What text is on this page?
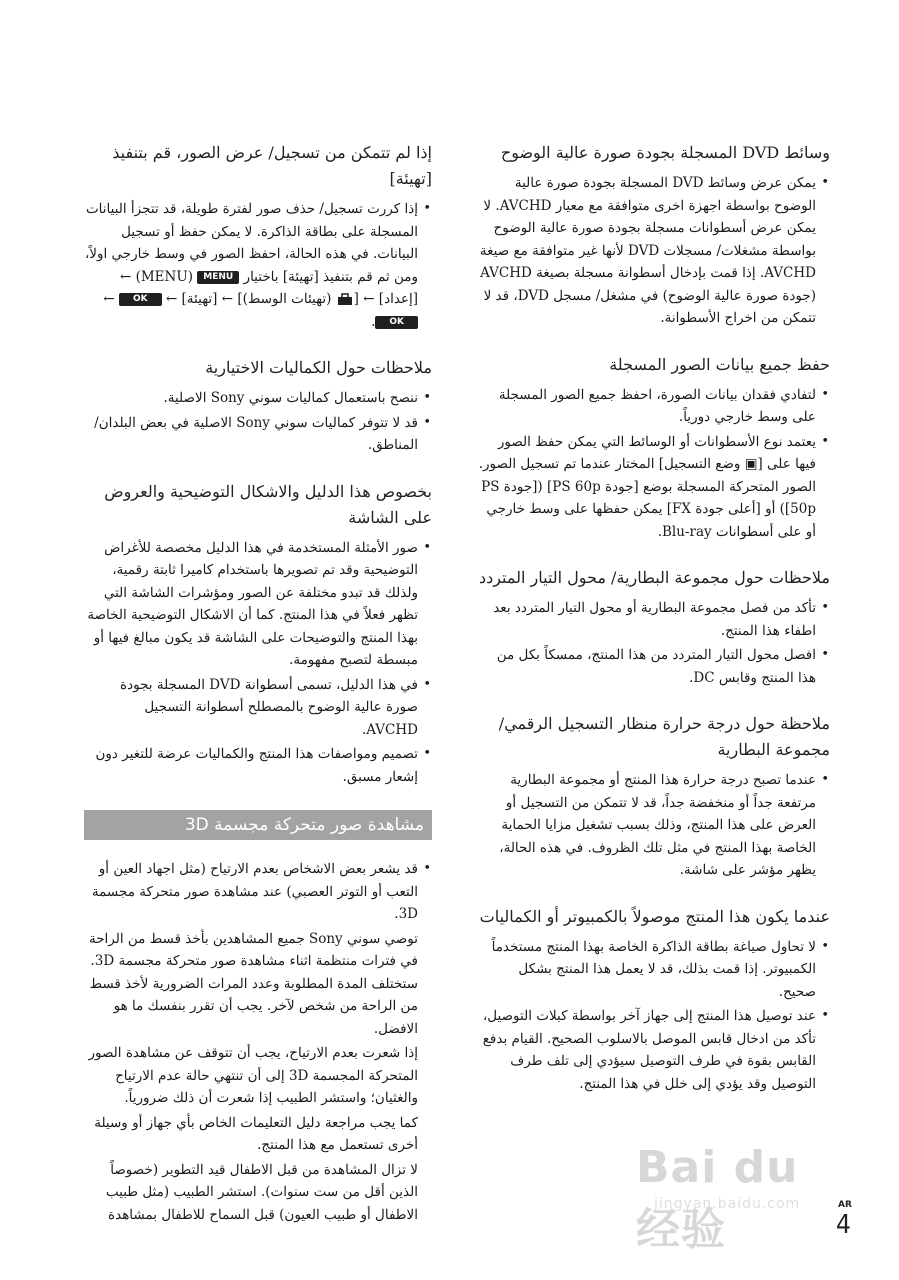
وسائط DVD المسجلة بجودة صورة عالية الوضوح
• يمكن عرض وسائط DVD المسجلة بجودة صورة عالية الوضوح بواسطة اجهزة اخرى متوافقة مع معيار AVCHD. لا يمكن عرض أسطوانات مسجلة بجودة صورة عالية الوضوح بواسطة مشغلات/ مسجلات DVD لأنها غير متوافقة مع صيغة AVCHD. إذا قمت بإدخال أسطوانة مسجلة بصيغة AVCHD (جودة صورة عالية الوضوح) في مشغل/ مسجل DVD، قد لا تتمكن من اخراج الأسطوانة.
حفظ جميع بيانات الصور المسجلة
• لتفادي فقدان بيانات الصورة، احفظ جميع الصور المسجلة على وسط خارجي دورياً.
• يعتمد نوع الأسطوانات أو الوسائط التي يمكن حفظ الصور فيها على [▣ وضع التسجيل] المختار عندما تم تسجيل الصور. الصور المتحركة المسجلة بوضع [جودة PS 60p] ([جودة PS 50p]) أو [أعلى جودة FX] يمكن حفظها على وسط خارجي أو على أسطوانات Blu-ray.
ملاحظات حول مجموعة البطارية/ محول التيار المتردد
• تأكد من فصل مجموعة البطارية أو محول التيار المتردد بعد اطفاء هذا المنتج.
• افصل محول التيار المتردد من هذا المنتج، ممسكاً بكل من هذا المنتج وقابس DC.
ملاحظة حول درجة حرارة منظار التسجيل الرقمي/ مجموعة البطارية
• عندما تصبح درجة حرارة هذا المنتج أو مجموعة البطارية مرتفعة جداً أو منخفضة جداً، قد لا تتمكن من التسجيل أو العرض على هذا المنتج، وذلك بسبب تشغيل مزايا الحماية الخاصة بهذا المنتج في مثل تلك الظروف. في هذه الحالة، يظهر مؤشر على شاشة.
عندما يكون هذا المنتج موصولاً بالكمبيوتر أو الكماليات
• لا تحاول صياغة بطاقة الذاكرة الخاصة بهذا المنتج مستخدماً الكمبيوتر. إذا قمت بذلك، قد لا يعمل هذا المنتج بشكل صحيح.
• عند توصيل هذا المنتج إلى جهاز آخر بواسطة كبلات التوصيل، تأكد من ادخال قابس الموصل بالاسلوب الصحيح. القيام بدفع القابس بقوة في طرف التوصيل سيؤدي إلى تلف طرف التوصيل وقد يؤدي إلى خلل في هذا المنتج.
إذا لم تتمكن من تسجيل/ عرض الصور، قم بتنفيذ [تهيئة]
• إذا كررت تسجيل/ حذف صور لفترة طويلة، قد تتجزأ البيانات المسجلة على بطاقة الذاكرة. لا يمكن حفظ أو تسجيل البيانات. في هذه الحالة، احفظ الصور في وسط خارجي اولاً، ومن ثم قم بتنفيذ [تهيئة] باختيار MENU (MENU) ← [إعداد] ← [ (تهيئات الوسط)] ← [تهيئة] ← OK ← OK.
ملاحظات حول الكماليات الاختيارية
• ننصح باستعمال كماليات سوني Sony الاصلية.
• قد لا تتوفر كماليات سوني Sony الاصلية في بعض البلدان/ المناطق.
بخصوص هذا الدليل والاشكال التوضيحية والعروض على الشاشة
• صور الأمثلة المستخدمة في هذا الدليل مخصصة للأغراض التوضيحية وقد تم تصويرها باستخدام كاميرا ثابتة رقمية، ولذلك قد تبدو مختلفة عن الصور ومؤشرات الشاشة التي تظهر فعلاً في هذا المنتج. كما أن الاشكال التوضيحية الخاصة بهذا المنتج والتوضيحات على الشاشة قد يكون مبالغ فيها أو مبسطة لتصبح مفهومة.
• في هذا الدليل، تسمى أسطوانة DVD المسجلة بجودة صورة عالية الوضوح بالمصطلح أسطوانة التسجيل AVCHD.
• تصميم ومواصفات هذا المنتج والكماليات عرضة للتغير دون إشعار مسبق.
مشاهدة صور متحركة مجسمة 3D
• قد يشعر بعض الاشخاص بعدم الارتياح (مثل اجهاد العين أو التعب أو التوتر العصبي) عند مشاهدة صور متحركة مجسمة 3D.

توصي سوني Sony جميع المشاهدين بأخذ قسط من الراحة في فترات منتظمة اثناء مشاهدة صور متحركة مجسمة 3D. ستختلف المدة المطلوبة وعدد المرات الضرورية لأخذ قسط من الراحة من شخص لآخر. يجب أن تقرر بنفسك ما هو الافضل.

إذا شعرت بعدم الارتياح، يجب أن تتوقف عن مشاهدة الصور المتحركة المجسمة 3D إلى أن تنتهي حالة عدم الارتياح والغثيان؛ واستشر الطبيب إذا شعرت أن ذلك ضرورياً.

كما يجب مراجعة دليل التعليمات الخاص بأي جهاز أو وسيلة أخرى تستعمل مع هذا المنتج.

لا تزال المشاهدة من قبل الاطفال قيد التطوير (خصوصاً الذين أقل من ست سنوات). استشر الطبيب (مثل طبيب الاطفال أو طبيب العيون) قبل السماح للاطفال بمشاهدة

Bai du 经验
jingyan.baidu.com	AR
4
